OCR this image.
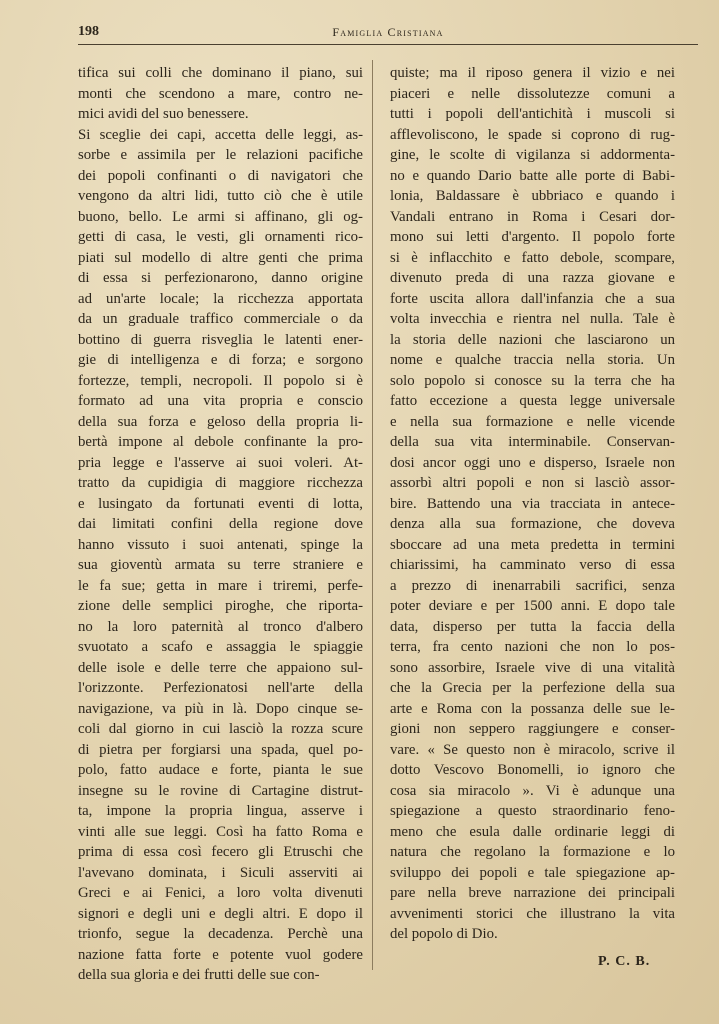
198	Famiglia Cristiana
tifica sui colli che dominano il piano, sui
monti che scendono a mare, contro ne-
mici avidi del suo benessere.
Si sceglie dei capi, accetta delle leggi, as-
sorbe e assimila per le relazioni pacifiche
dei popoli confinanti o di navigatori che
vengono da altri lidi, tutto ciò che è utile
buono, bello. Le armi si affinano, gli og-
getti di casa, le vesti, gli ornamenti rico-
piati sul modello di altre genti che prima
di essa si perfezionarono, danno origine
ad un'arte locale; la ricchezza apportata
da un graduale traffico commerciale o da
bottino di guerra risveglia le latenti ener-
gie di intelligenza e di forza; e sorgono
fortezze, templi, necropoli. Il popolo si è
formato ad una vita propria e conscio
della sua forza e geloso della propria li-
bertà impone al debole confinante la pro-
pria legge e l'asserve ai suoi voleri. At-
tratto da cupidigia di maggiore ricchezza
e lusingato da fortunati eventi di lotta,
dai limitati confini della regione dove
hanno vissuto i suoi antenati, spinge la
sua gioventù armata su terre straniere e
le fa sue; getta in mare i triremi, perfe-
zione delle semplici piroghe, che riporta-
no la loro paternità al tronco d'albero
svuotato a scafo e assaggia le spiaggie
delle isole e delle terre che appaiono sul-
l'orizzonte. Perfezionatosi nell'arte della
navigazione, va più in là. Dopo cinque se-
coli dal giorno in cui lasciò la rozza scure
di pietra per forgiarsi una spada, quel po-
polo, fatto audace e forte, pianta le sue
insegne su le rovine di Cartagine distrut-
ta, impone la propria lingua, asserve i
vinti alle sue leggi. Così ha fatto Roma e
prima di essa così fecero gli Etruschi che
l'avevano dominata, i Siculi asserviti ai
Greci e ai Fenici, a loro volta divenuti
signori e degli uni e degli altri. E dopo il
trionfo, segue la decadenza. Perchè una
nazione fatta forte e potente vuol godere
della sua gloria e dei frutti delle sue con-
quiste; ma il riposo genera il vizio e nei
piaceri e nelle dissolutezze comuni a
tutti i popoli dell'antichità i muscoli si
afflevoliscono, le spade si coprono di rug-
gine, le scolte di vigilanza si addormenta-
no e quando Dario batte alle porte di Babi-
lonia, Baldassare è ubbriaco e quando i
Vandali entrano in Roma i Cesari dor-
mono sui letti d'argento. Il popolo forte
si è inflacchito e fatto debole, scompare,
divenuto preda di una razza giovane e
forte uscita allora dall'infanzia che a sua
volta invecchia e rientra nel nulla. Tale è
la storia delle nazioni che lasciarono un
nome e qualche traccia nella storia. Un
solo popolo si conosce su la terra che ha
fatto eccezione a questa legge universale
e nella sua formazione e nelle vicende
della sua vita interminabile. Conservan-
dosi ancor oggi uno e disperso, Israele non
assorbì altri popoli e non si lasciò assor-
bire. Battendo una via tracciata in antece-
denza alla sua formazione, che doveva
sboccare ad una meta predetta in termini
chiarissimi, ha camminato verso di essa
a prezzo di inenarrabili sacrifici, senza
poter deviare e per 1500 anni. E dopo tale
data, disperso per tutta la faccia della
terra, fra cento nazioni che non lo pos-
sono assorbire, Israele vive di una vitalità
che la Grecia per la perfezione della sua
arte e Roma con la possanza delle sue le-
gioni non seppero raggiungere e conser-
vare. « Se questo non è miracolo, scrive il
dotto Vescovo Bonomelli, io ignoro che
cosa sia miracolo ». Vi è adunque una
spiegazione a questo straordinario feno-
meno che esula dalle ordinarie leggi di
natura che regolano la formazione e lo
sviluppo dei popoli e tale spiegazione ap-
pare nella breve narrazione dei principali
avvenimenti storici che illustrano la vita
del popolo di Dio.
P. C. B.
